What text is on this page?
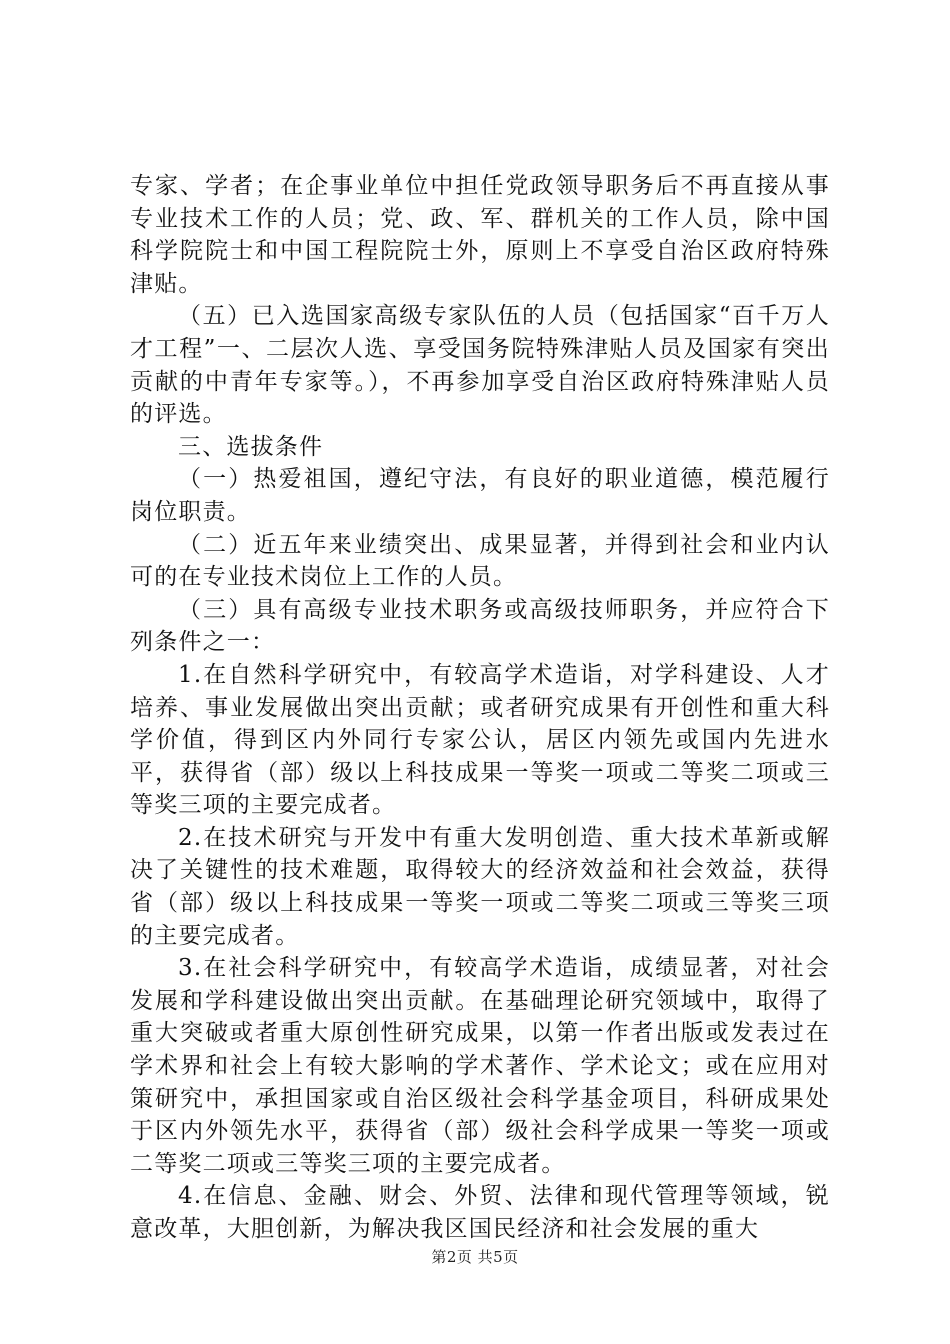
专家、学者；在企事业单位中担任党政领导职务后不再直接从事专业技术工作的人员；党、政、军、群机关的工作人员，除中国科学院院士和中国工程院院士外，原则上不享受自治区政府特殊津贴。

（五）已入选国家高级专家队伍的人员（包括国家“百千万人才工程”一、二层次人选、享受国务院特殊津贴人员及国家有突出贡献的中青年专家等。），不再参加享受自治区政府特殊津贴人员的评选。

三、选拔条件

（一）热爱祖国，遵纪守法，有良好的职业道德，模范履行岗位职责。

（二）近五年来业绩突出、成果显著，并得到社会和业内认可的在专业技术岗位上工作的人员。

（三）具有高级专业技术职务或高级技师职务，并应符合下列条件之一：

1.在自然科学研究中，有较高学术造诣，对学科建设、人才培养、事业发展做出突出贡献；或者研究成果有开创性和重大科学价值，得到区内外同行专家公认，居区内领先或国内先进水平，获得省（部）级以上科技成果一等奖一项或二等奖二项或三等奖三项的主要完成者。

2.在技术研究与开发中有重大发明创造、重大技术革新或解决了关键性的技术难题，取得较大的经济效益和社会效益，获得省（部）级以上科技成果一等奖一项或二等奖二项或三等奖三项的主要完成者。

3.在社会科学研究中，有较高学术造诣，成绩显著，对社会发展和学科建设做出突出贡献。在基础理论研究领域中，取得了重大突破或者重大原创性研究成果，以第一作者出版或发表过在学术界和社会上有较大影响的学术著作、学术论文；或在应用对策研究中，承担国家或自治区级社会科学基金项目，科研成果处于区内外领先水平，获得省（部）级社会科学成果一等奖一项或二等奖二项或三等奖三项的主要完成者。

4.在信息、金融、财会、外贸、法律和现代管理等领域，锐意改革，大胆创新，为解决我区国民经济和社会发展的重大

第2页 共5页
